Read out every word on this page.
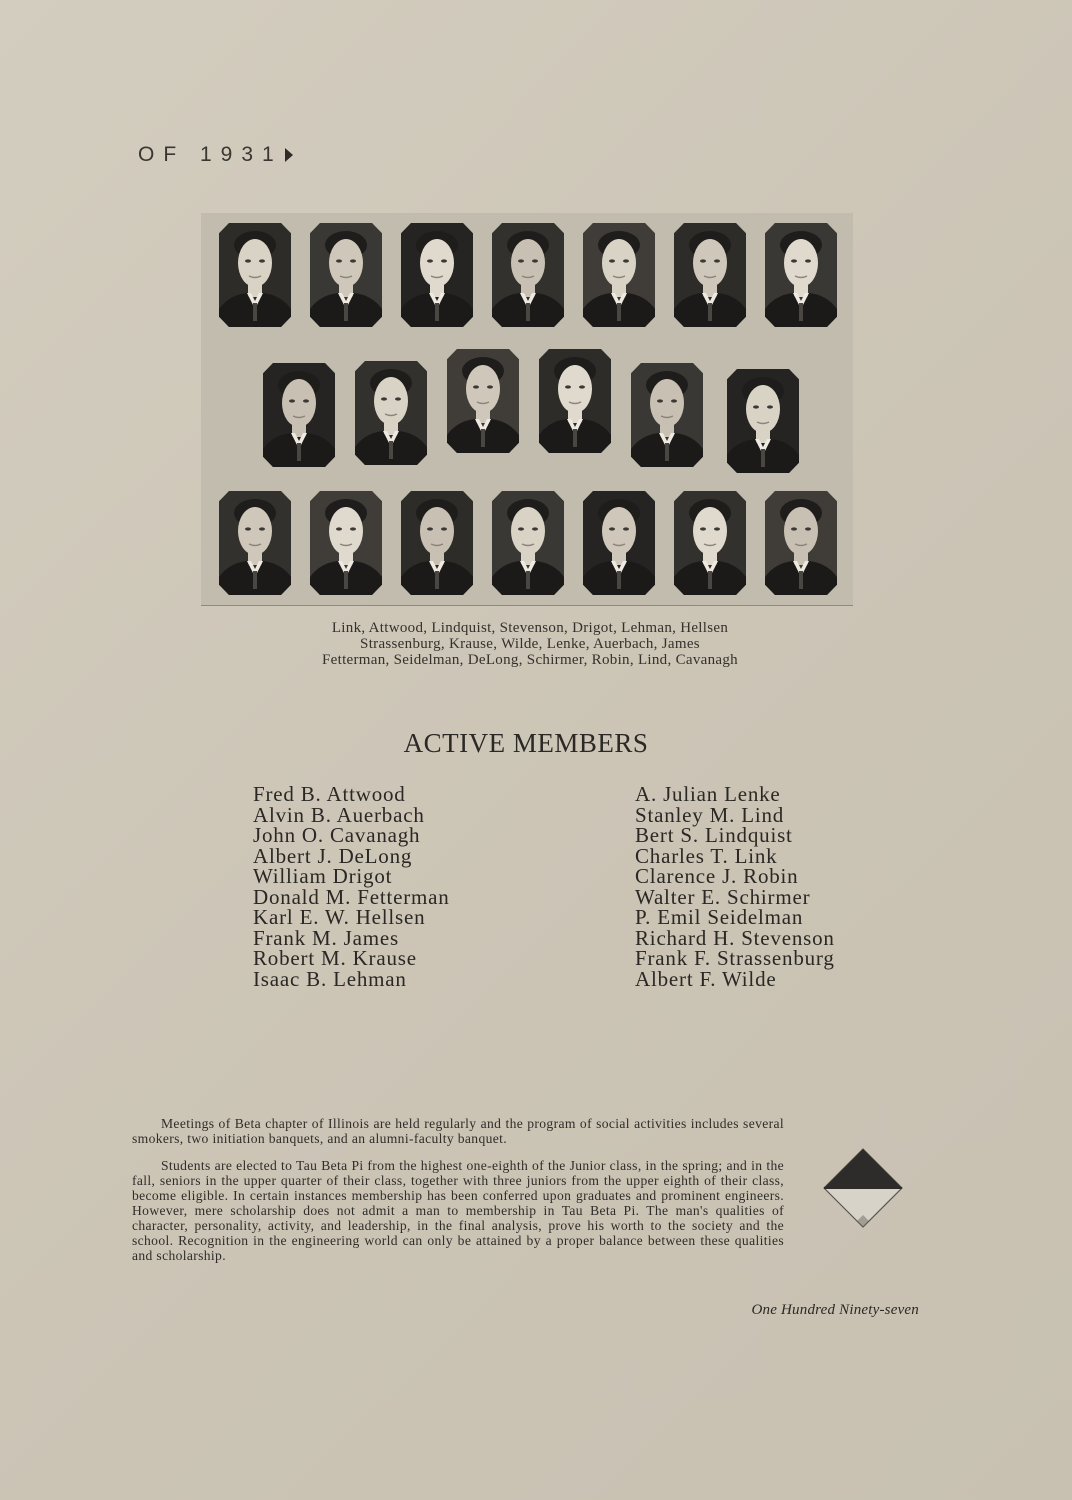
OF 1931
Link, Attwood, Lindquist, Stevenson, Drigot, Lehman, Hellsen
Strassenburg, Krause, Wilde, Lenke, Auerbach, James
Fetterman, Seidelman, DeLong, Schirmer, Robin, Lind, Cavanagh
ACTIVE MEMBERS
Fred B. Attwood
Alvin B. Auerbach
John O. Cavanagh
Albert J. DeLong
William Drigot
Donald M. Fetterman
Karl E. W. Hellsen
Frank M. James
Robert M. Krause
Isaac B. Lehman
A. Julian Lenke
Stanley M. Lind
Bert S. Lindquist
Charles T. Link
Clarence J. Robin
Walter E. Schirmer
P. Emil Seidelman
Richard H. Stevenson
Frank F. Strassenburg
Albert F. Wilde

Meetings of Beta chapter of Illinois are held regularly and the program of social activities includes several smokers, two initiation banquets, and an alumni-faculty banquet.

Students are elected to Tau Beta Pi from the highest one-eighth of the Junior class, in the spring; and in the fall, seniors in the upper quarter of their class, together with three juniors from the upper eighth of their class, become eligible. In certain instances membership has been conferred upon graduates and prominent engineers. However, mere scholarship does not admit a man to membership in Tau Beta Pi. The man's qualities of character, personality, activity, and leadership, in the final analysis, prove his worth to the society and the school. Recognition in the engineering world can only be attained by a proper balance between these qualities and scholarship.

One Hundred Ninety-seven
